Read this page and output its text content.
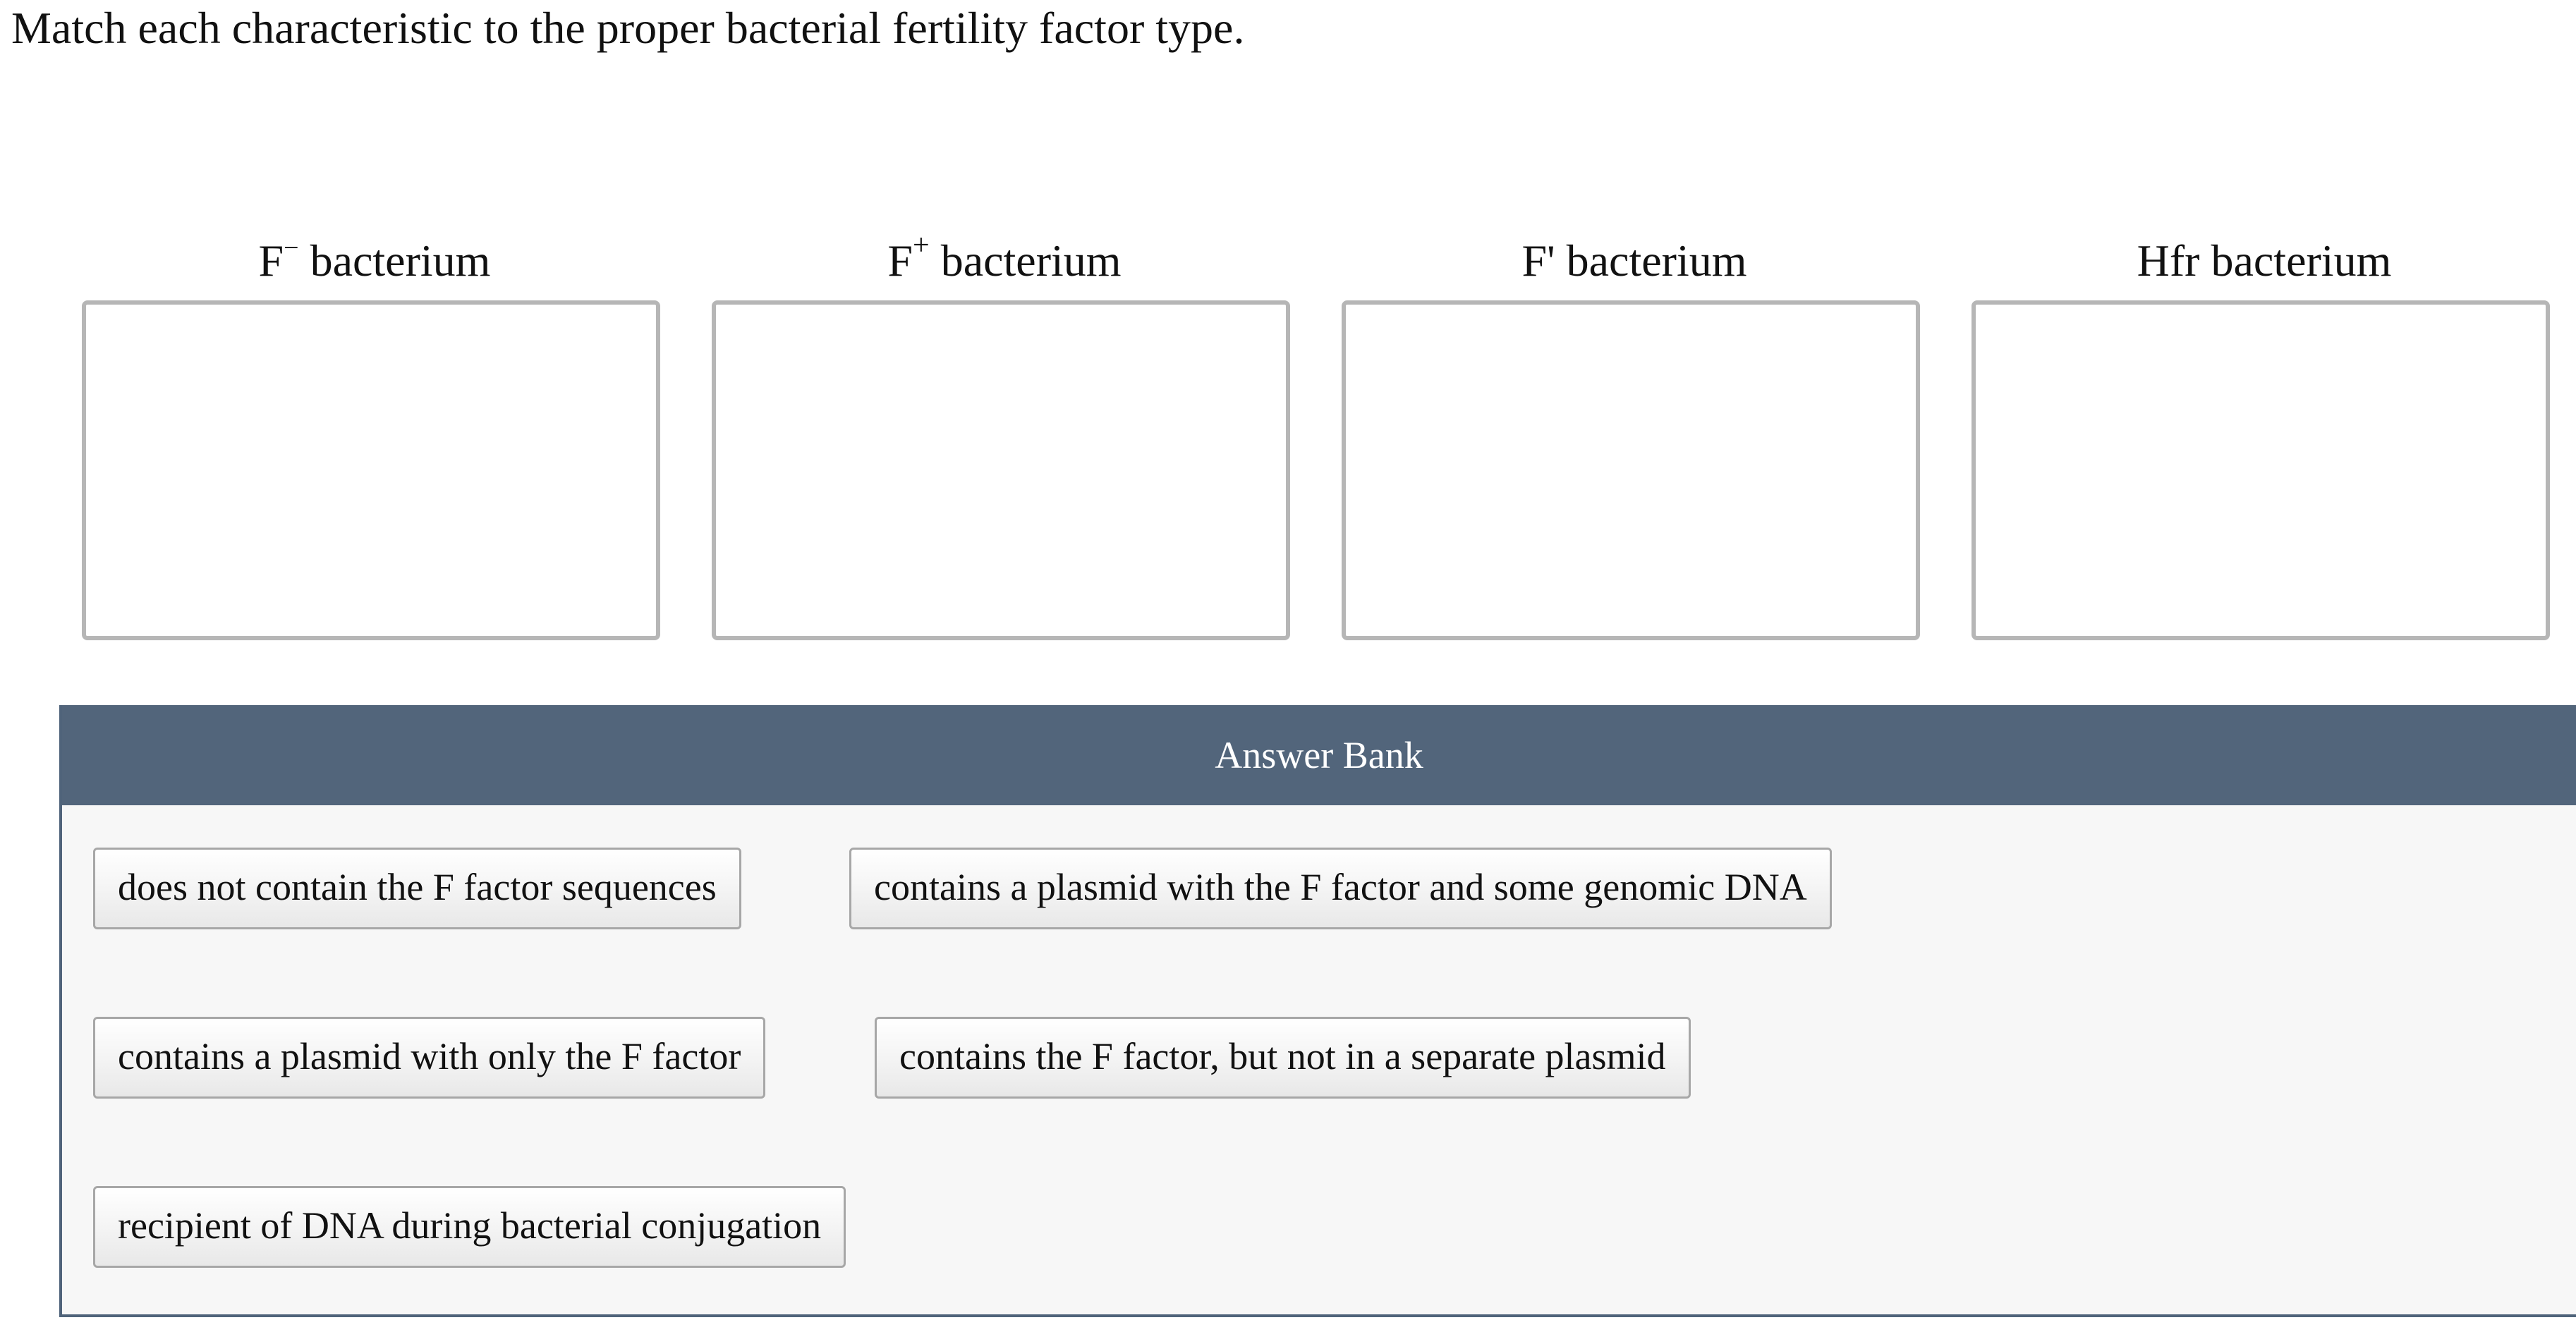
Match each characteristic to the proper bacterial fertility factor type.
F− bacterium	F+ bacterium	F' bacterium	Hfr bacterium
Answer Bank
does not contain the F factor sequences	contains a plasmid with the F factor and some genomic DNA
contains a plasmid with only the F factor	contains the F factor, but not in a separate plasmid
recipient of DNA during bacterial conjugation
